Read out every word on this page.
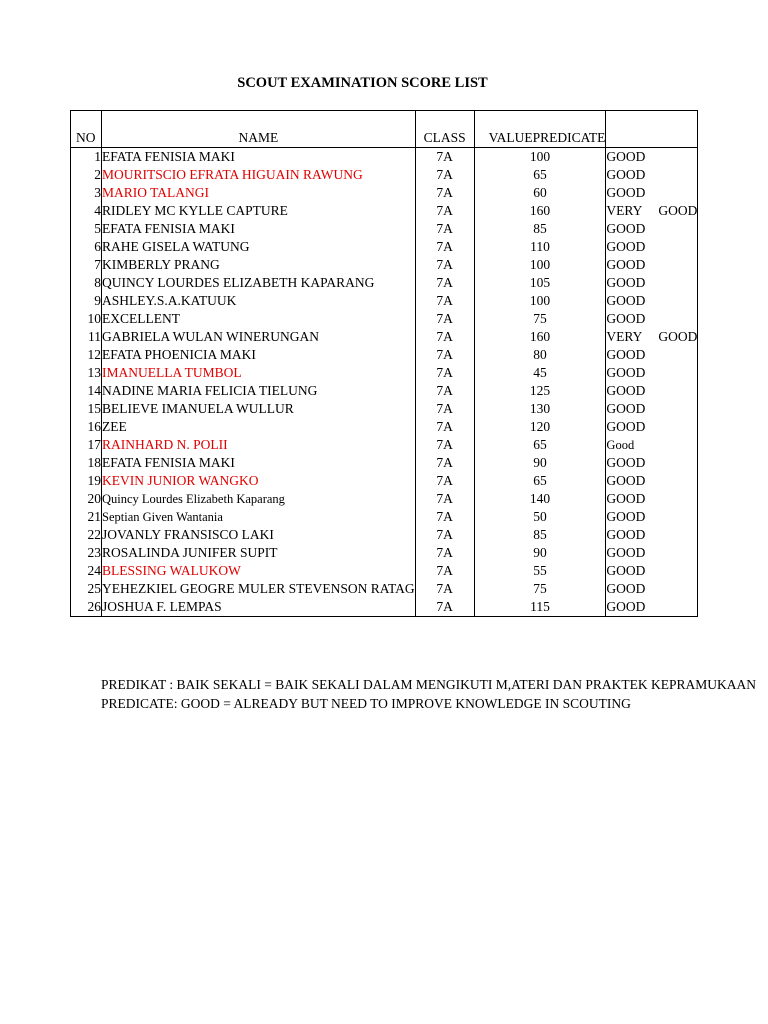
SCOUT EXAMINATION SCORE LIST
NO	NAME	CLASS	VALUEPREDICATE	
1	EFATA FENISIA MAKI	7A	100	GOOD
2	MOURITSCIO EFRATA HIGUAIN RAWUNG	7A	65	GOOD
3	MARIO TALANGI	7A	60	GOOD
4	RIDLEY MC KYLLE CAPTURE	7A	160	VERY GOOD
5	EFATA FENISIA MAKI	7A	85	GOOD
6	RAHE GISELA WATUNG	7A	110	GOOD
7	KIMBERLY PRANG	7A	100	GOOD
8	QUINCY LOURDES ELIZABETH KAPARANG	7A	105	GOOD
9	ASHLEY.S.A.KATUUK	7A	100	GOOD
10	EXCELLENT	7A	75	GOOD
11	GABRIELA WULAN WINERUNGAN	7A	160	VERY GOOD
12	EFATA PHOENICIA MAKI	7A	80	GOOD
13	IMANUELLA TUMBOL	7A	45	GOOD
14	NADINE MARIA FELICIA TIELUNG	7A	125	GOOD
15	BELIEVE IMANUELA WULLUR	7A	130	GOOD
16	ZEE	7A	120	GOOD
17	RAINHARD N. POLII	7A	65	Good
18	EFATA FENISIA MAKI	7A	90	GOOD
19	KEVIN JUNIOR WANGKO	7A	65	GOOD
20	Quincy Lourdes Elizabeth Kaparang	7A	140	GOOD
21	Septian Given Wantania	7A	50	GOOD
22	JOVANLY FRANSISCO LAKI	7A	85	GOOD
23	ROSALINDA JUNIFER SUPIT	7A	90	GOOD
24	BLESSING WALUKOW	7A	55	GOOD
25	YEHEZKIEL GEOGRE MULER STEVENSON RATAG	7A	75	GOOD
26	JOSHUA F. LEMPAS	7A	115	GOOD
PREDIKAT : BAIK SEKALI = BAIK SEKALI DALAM MENGIKUTI M,ATERI DAN PRAKTEK KEPRAMUKAAN
PREDICATE: GOOD = ALREADY BUT NEED TO IMPROVE KNOWLEDGE IN SCOUTING
